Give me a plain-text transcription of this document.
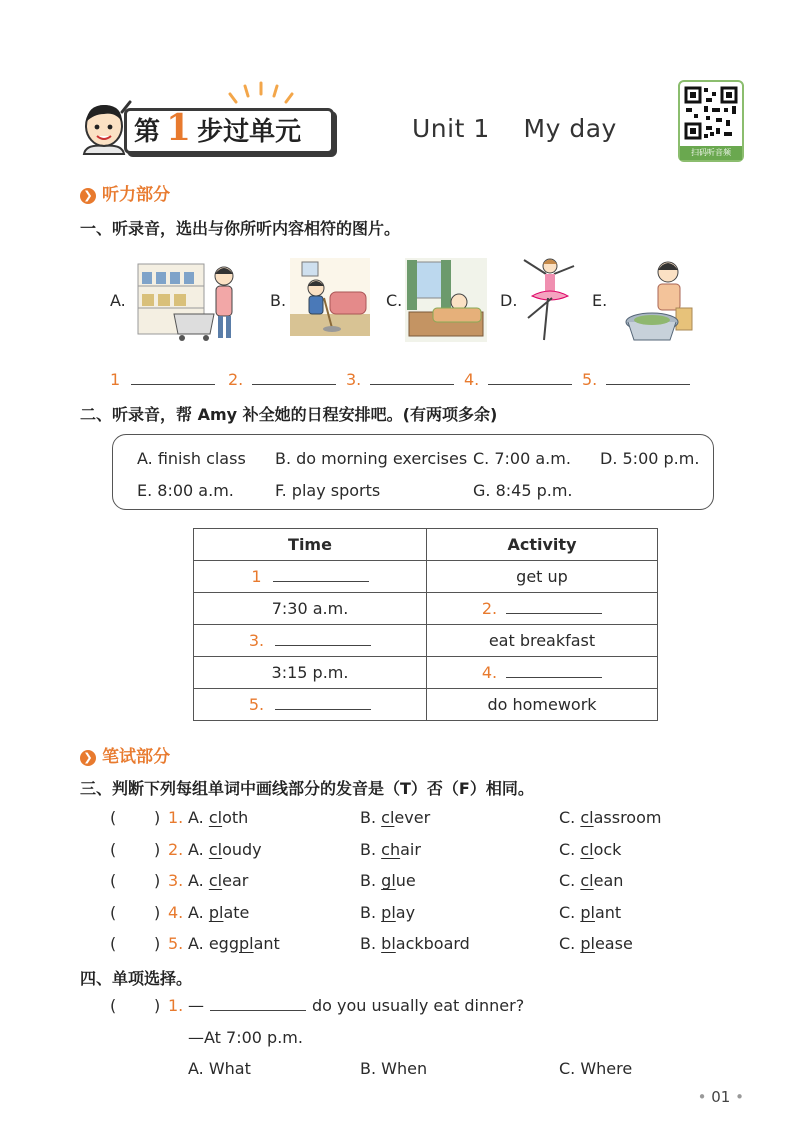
第 1 步过单元	Unit 1    My day
扫码听音频
❯ 听力部分
一、听录音，选出与你所听内容相符的图片。
A.	B.	C.	D.	E.
1	2.	3.	4.	5.
二、听录音，帮 Amy 补全她的日程安排吧。(有两项多余)
A. finish class B. do morning exercises C. 7:00 a.m. D. 5:00 p.m.
E. 8:00 a.m.	F. play sports	G. 8:45 p.m.
Time	Activity
1	get up
7:30 a.m.	2.
3.	eat breakfast
3:15 p.m.	4.
5.	do homework
❯ 笔试部分
三、判断下列每组单词中画线部分的发音是（T）否（F）相同。
( ) 1. A. cloth	B. clever	C. classroom
( ) 2. A. cloudy	B. chair	C. clock
( ) 3. A. clear	B. glue	C. clean
( ) 4. A. plate	B. play	C. plant
( ) 5. A. eggplant	B. blackboard	C. please
四、单项选择。
( ) 1. —	do you usually eat dinner?
—At 7:00 p.m.
A. What	B. When	C. Where
• 01 •
